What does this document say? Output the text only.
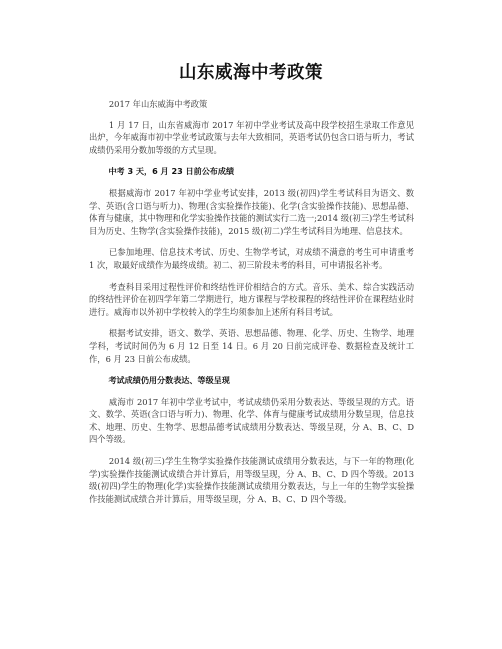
山东威海中考政策

2017 年山东威海中考政策

1 月 17 日，山东省威海市 2017 年初中学业考试及高中段学校招生录取工作意见出炉，今年威海市初中学业考试政策与去年大致相同，英语考试仍包含口语与听力，考试成绩仍采用分数加等级的方式呈现。

中考 3 天，6 月 23 日前公布成绩

根据威海市 2017 年初中学业考试安排，2013 级(初四)学生考试科目为语文、数学、英语(含口语与听力)、物理(含实验操作技能)、化学(含实验操作技能)、思想品德、体育与健康，其中物理和化学实验操作技能的测试实行二选一;2014 级(初三)学生考试科目为历史、生物学(含实验操作技能)，2015 级(初二)学生考试科目为地理、信息技术。

已参加地理、信息技术考试、历史、生物学考试，对成绩不满意的考生可申请重考 1 次，取最好成绩作为最终成绩。初二、初三阶段未考的科目，可申请报名补考。

考查科目采用过程性评价和终结性评价相结合的方式。音乐、美术、综合实践活动的终结性评价在初四学年第二学期进行，地方课程与学校课程的终结性评价在课程结业时进行。威海市以外初中学校转入的学生均须参加上述所有科目考试。

根据考试安排，语文、数学、英语、思想品德、物理、化学、历史、生物学、地理学科，考试时间仍为 6 月 12 日至 14 日。6 月 20 日前完成评卷、数据检查及统计工作，6 月 23 日前公布成绩。

考试成绩仍用分数表达、等级呈现

威海市 2017 年初中学业考试中，考试成绩仍采用分数表达、等级呈现的方式。语文、数学、英语(含口语与听力)、物理、化学、体育与健康考试成绩用分数呈现，信息技术、地理、历史、生物学、思想品德考试成绩用分数表达、等级呈现，分 A、B、C、D 四个等级。

2014 级(初三)学生生物学实验操作技能测试成绩用分数表达，与下一年的物理(化学)实验操作技能测试成绩合并计算后，用等级呈现，分 A、B、C、D 四个等级。2013 级(初四)学生的物理(化学)实验操作技能测试成绩用分数表达，与上一年的生物学实验操作技能测试成绩合并计算后，用等级呈现，分 A、B、C、D 四个等级。
